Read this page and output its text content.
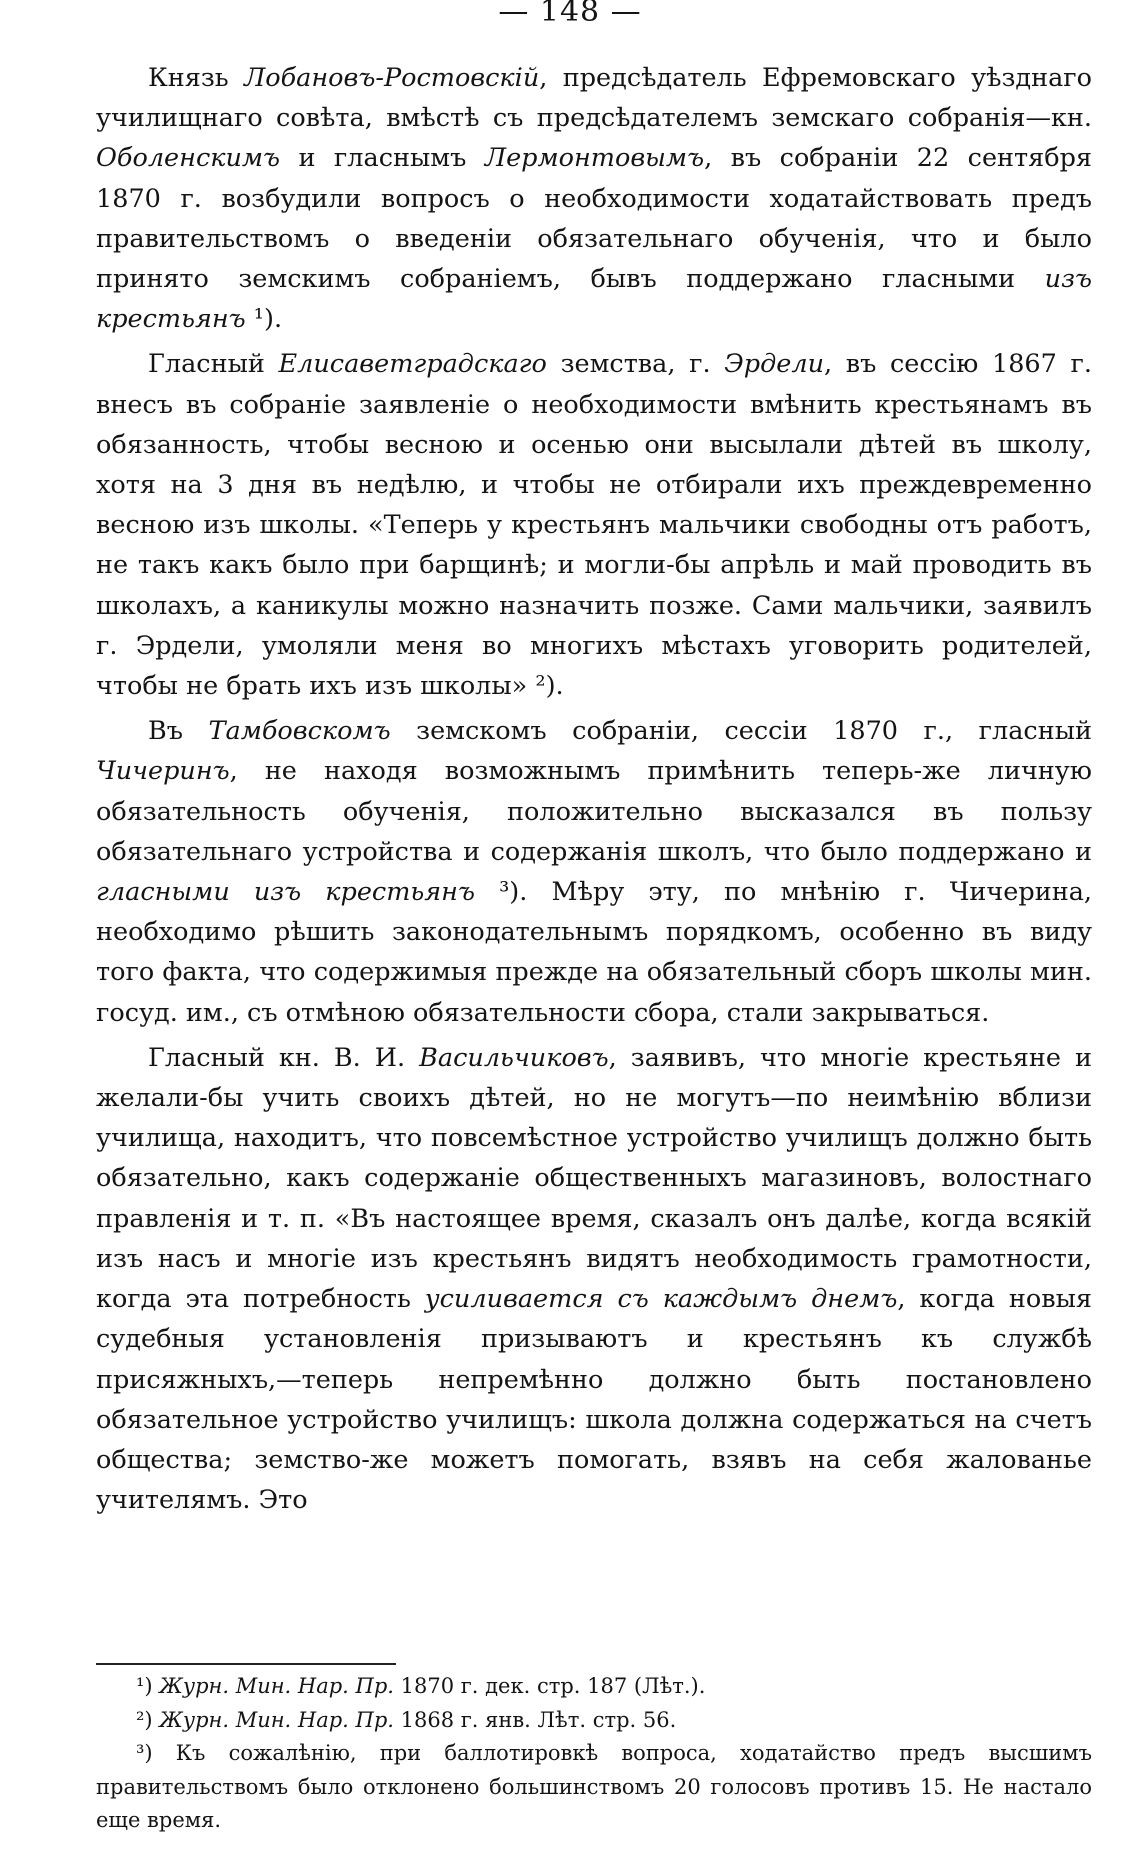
— 148 —

Князь Лобановъ-Ростовскій, предсѣдатель Ефремовскаго уѣзднаго училищнаго совѣта, вмѣстѣ съ предсѣдателемъ земскаго собранія—кн. Оболенскимъ и гласнымъ Лермонтовымъ, въ собраніи 22 сентября 1870 г. возбудили вопросъ о необходимости ходатайствовать предъ правительствомъ о введеніи обязательнаго обученія, что и было принято земскимъ собраніемъ, бывъ поддержано гласными изъ крестьянъ ¹).

Гласный Елисаветградскаго земства, г. Эрдели, въ сессію 1867 г. внесъ въ собраніе заявленіе о необходимости вмѣнить крестьянамъ въ обязанность, чтобы весною и осенью они высылали дѣтей въ школу, хотя на 3 дня въ недѣлю, и чтобы не отбирали ихъ преждевременно весною изъ школы. «Теперь у крестьянъ мальчики свободны отъ работъ, не такъ какъ было при барщинѣ; и могли-бы апрѣль и май проводить въ школахъ, а каникулы можно назначить позже. Сами мальчики, заявилъ г. Эрдели, умоляли меня во многихъ мѣстахъ уговорить родителей, чтобы не брать ихъ изъ школы» ²).

Въ Тамбовскомъ земскомъ собраніи, сессіи 1870 г., гласный Чичеринъ, не находя возможнымъ примѣнить теперь-же личную обязательность обученія, положительно высказался въ пользу обязательнаго устройства и содержанія школъ, что было поддержано и гласными изъ крестьянъ ³). Мѣру эту, по мнѣнію г. Чичерина, необходимо рѣшить законодательнымъ порядкомъ, особенно въ виду того факта, что содержимыя прежде на обязательный сборъ школы мин. госуд. им., съ отмѣною обязательности сбора, стали закрываться.

Гласный кн. В. И. Васильчиковъ, заявивъ, что многіе крестьяне и желали-бы учить своихъ дѣтей, но не могутъ—по неимѣнію вблизи училища, находитъ, что повсемѣстное устройство училищъ должно быть обязательно, какъ содержаніе общественныхъ магазиновъ, волостнаго правленія и т. п. «Въ настоящее время, сказалъ онъ далѣе, когда всякій изъ насъ и многіе изъ крестьянъ видятъ необходимость грамотности, когда эта потребность усиливается съ каждымъ днемъ, когда новыя судебныя установленія призываютъ и крестьянъ къ службѣ присяжныхъ,—теперь непремѣнно должно быть постановлено обязательное устройство училищъ: школа должна содержаться на счетъ общества; земство-же можетъ помогать, взявъ на себя жалованье учителямъ. Это

¹) Журн. Мин. Нар. Пр. 1870 г. дек. стр. 187 (Лѣт.).

²) Журн. Мин. Нар. Пр. 1868 г. янв. Лѣт. стр. 56.

³) Къ сожалѣнію, при баллотировкѣ вопроса, ходатайство предъ высшимъ правительствомъ было отклонено большинствомъ 20 голосовъ противъ 15. Не настало еще время.
